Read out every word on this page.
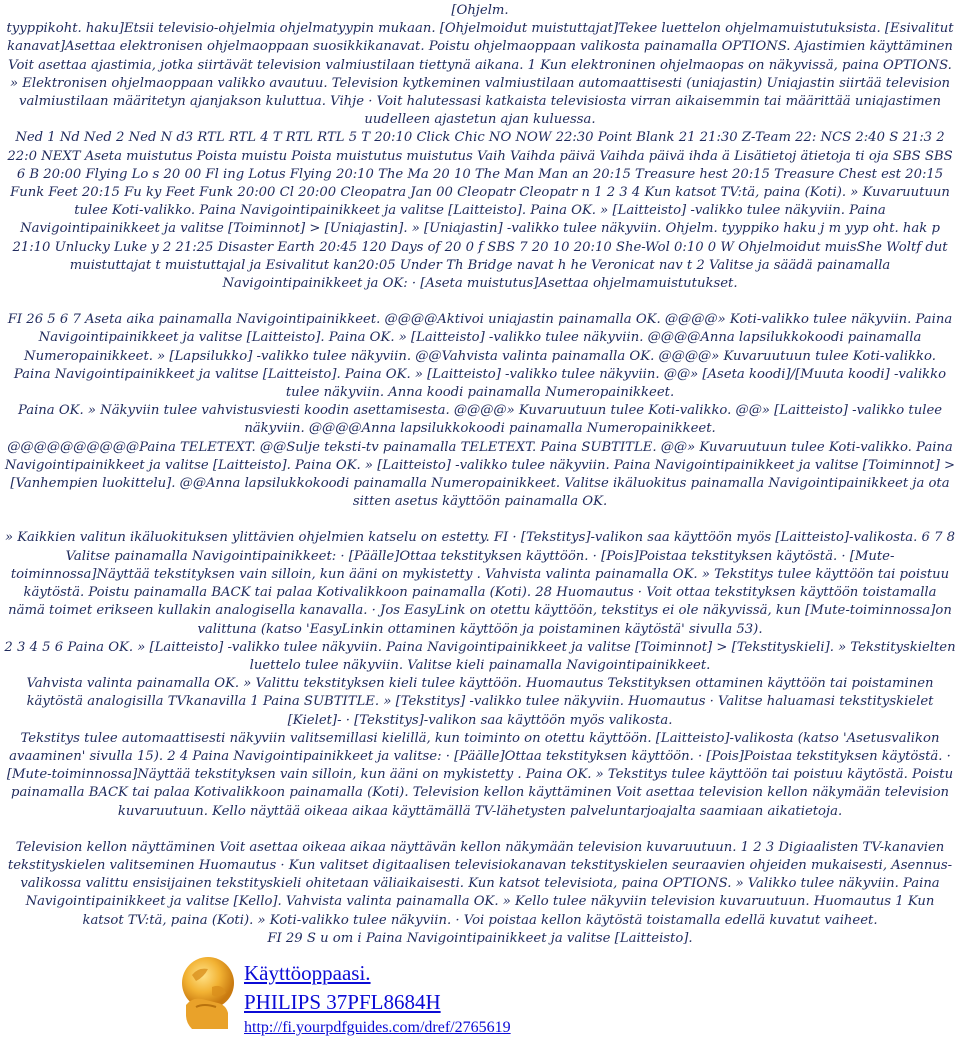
[Ohjelm.

tyyppikoht. haku]Etsii televisio-ohjelmia ohjelmatyypin mukaan. [Ohjelmoidut muistuttajat]Tekee luettelon ohjelmamuistutuksista. [Esivalitut kanavat]Asettaa elektronisen ohjelmaoppaan suosikkikanavat. Poistu ohjelmaoppaan valikosta painamalla OPTIONS. Ajastimien käyttäminen Voit asettaa ajastimia, jotka siirtävät television valmiustilaan tiettynä aikana. 1 Kun elektroninen ohjelmaopas on näkyvissä, paina OPTIONS. » Elektronisen ohjelmaoppaan valikko avautuu. Television kytkeminen valmiustilaan automaattisesti (uniajastin) Uniajastin siirtää television valmiustilaan määritetyn ajanjakson kuluttua. Vihje · Voit halutessasi katkaista televisiosta virran aikaisemmin tai määrittää uniajastimen uudelleen ajastetun ajan kuluessa.

Ned 1 Nd Ned 2 Ned N d3 RTL RTL 4 T RTL RTL 5 T 20:10 Click Chic NO NOW 22:30 Point Blank 21 21:30 Z-Team 22: NCS 2:40 S 21:3 2 22:0 NEXT Aseta muistutus Poista muistu Poista muistutus muistutus Vaih Vaihda päivä Vaihda päivä ihda ä Lisätietoj ätietoja ti oja SBS SBS 6 B 20:00 Flying Lo s 20 00 Fl ing Lotus Flying 20:10 The Ma 20 10 The Man Man an 20:15 Treasure hest 20:15 Treasure Chest est 20:15 Funk Feet 20:15 Fu ky Feet Funk 20:00 Cl 20:00 Cleopatra Jan 00 Cleopatr Cleopatr n 1 2 3 4 Kun katsot TV:tä, paina (Koti). » Kuvaruutuun tulee Koti-valikko. Paina Navigointipainikkeet ja valitse [Laitteisto]. Paina OK. » [Laitteisto] -valikko tulee näkyviin. Paina Navigointipainikkeet ja valitse [Toiminnot] > [Uniajastin]. » [Uniajastin] -valikko tulee näkyviin. Ohjelm. tyyppiko haku j m yyp oht. hak p 21:10 Unlucky Luke y 2 21:25 Disaster Earth 20:45 120 Days of 20 0 f SBS 7 20 10 20:10 She-Wol 0:10 0 W Ohjelmoidut muisShe Woltf dut muistuttajat t muistuttajal ja Esivalitut kan20:05 Under Th Bridge navat h he Veronicat nav t 2 Valitse ja säädä painamalla Navigointipainikkeet ja OK: · [Aseta muistutus]Asettaa ohjelmamuistutukset.

FI 26 5 6 7 Aseta aika painamalla Navigointipainikkeet. @@@@Aktivoi uniajastin painamalla OK. @@@@» Koti-valikko tulee näkyviin. Paina Navigointipainikkeet ja valitse [Laitteisto]. Paina OK. » [Laitteisto] -valikko tulee näkyviin. @@@@Anna lapsilukkokoodi painamalla Numeropainikkeet. » [Lapsilukko] -valikko tulee näkyviin. @@Vahvista valinta painamalla OK. @@@@» Kuvaruutuun tulee Koti-valikko.

Paina Navigointipainikkeet ja valitse [Laitteisto]. Paina OK. » [Laitteisto] -valikko tulee näkyviin. @@» [Aseta koodi]/[Muuta koodi] -valikko tulee näkyviin. Anna koodi painamalla Numeropainikkeet.

Paina OK. » Näkyviin tulee vahvistusviesti koodin asettamisesta. @@@@» Kuvaruutuun tulee Koti-valikko. @@» [Laitteisto] -valikko tulee näkyviin. @@@@Anna lapsilukkokoodi painamalla Numeropainikkeet.

@@@@@@@@@@Paina TELETEXT. @@Sulje teksti-tv painamalla TELETEXT. Paina SUBTITLE. @@» Kuvaruutuun tulee Koti-valikko. Paina Navigointipainikkeet ja valitse [Laitteisto]. Paina OK. » [Laitteisto] -valikko tulee näkyviin. Paina Navigointipainikkeet ja valitse [Toiminnot] > [Vanhempien luokittelu]. @@Anna lapsilukkokoodi painamalla Numeropainikkeet. Valitse ikäluokitus painamalla Navigointipainikkeet ja ota sitten asetus käyttöön painamalla OK.

» Kaikkien valitun ikäluokituksen ylittävien ohjelmien katselu on estetty. FI · [Tekstitys]-valikon saa käyttöön myös [Laitteisto]-valikosta. 6 7 8 Valitse painamalla Navigointipainikkeet: · [Päälle]Ottaa tekstityksen käyttöön. · [Pois]Poistaa tekstityksen käytöstä. · [Mute-toiminnossa]Näyttää tekstityksen vain silloin, kun ääni on mykistetty . Vahvista valinta painamalla OK. » Tekstitys tulee käyttöön tai poistuu käytöstä. Poistu painamalla BACK tai palaa Kotivalikkoon painamalla (Koti). 28 Huomautus · Voit ottaa tekstityksen käyttöön toistamalla nämä toimet erikseen kullakin analogisella kanavalla. · Jos EasyLink on otettu käyttöön, tekstitys ei ole näkyvissä, kun [Mute-toiminnossa]on valittuna (katso 'EasyLinkin ottaminen käyttöön ja poistaminen käytöstä' sivulla 53).

2 3 4 5 6 Paina OK. » [Laitteisto] -valikko tulee näkyviin. Paina Navigointipainikkeet ja valitse [Toiminnot] > [Tekstityskieli]. » Tekstityskielten luettelo tulee näkyviin. Valitse kieli painamalla Navigointipainikkeet.

Vahvista valinta painamalla OK. » Valittu tekstityksen kieli tulee käyttöön. Huomautus Tekstityksen ottaminen käyttöön tai poistaminen käytöstä analogisilla TVkanavilla 1 Paina SUBTITLE. » [Tekstitys] -valikko tulee näkyviin. Huomautus · Valitse haluamasi tekstityskielet [Kielet]- · [Tekstitys]-valikon saa käyttöön myös valikosta.

Tekstitys tulee automaattisesti näkyviin valitsemillasi kielillä, kun toiminto on otettu käyttöön. [Laitteisto]-valikosta (katso 'Asetusvalikon avaaminen' sivulla 15). 2 4 Paina Navigointipainikkeet ja valitse: · [Päälle]Ottaa tekstityksen käyttöön. · [Pois]Poistaa tekstityksen käytöstä. · [Mute-toiminnossa]Näyttää tekstityksen vain silloin, kun ääni on mykistetty . Paina OK. » Tekstitys tulee käyttöön tai poistuu käytöstä. Poistu painamalla BACK tai palaa Kotivalikkoon painamalla (Koti). Television kellon käyttäminen Voit asettaa television kellon näkymään television kuvaruutuun. Kello näyttää oikeaa aikaa käyttämällä TV-lähetysten palveluntarjoajalta saamiaan aikatietoja.

Television kellon näyttäminen Voit asettaa oikeaa aikaa näyttävän kellon näkymään television kuvaruutuun. 1 2 3 Digiaalisten TV-kanavien tekstityskielen valitseminen Huomautus · Kun valitset digitaalisen televisiokanavan tekstityskielen seuraavien ohjeiden mukaisesti, Asennus-valikossa valittu ensisijainen tekstityskieli ohitetaan väliaikaisesti. Kun katsot televisiota, paina OPTIONS. » Valikko tulee näkyviin. Paina Navigointipainikkeet ja valitse [Kello]. Vahvista valinta painamalla OK. » Kello tulee näkyviin television kuvaruutuun. Huomautus 1 Kun katsot TV:tä, paina (Koti). » Koti-valikko tulee näkyviin. · Voi poistaa kellon käytöstä toistamalla edellä kuvatut vaiheet.

FI 29 S u om i Paina Navigointipainikkeet ja valitse [Laitteisto].

Käyttöoppaasi.
PHILIPS 37PFL8684H
http://fi.yourpdfguides.com/dref/2765619
